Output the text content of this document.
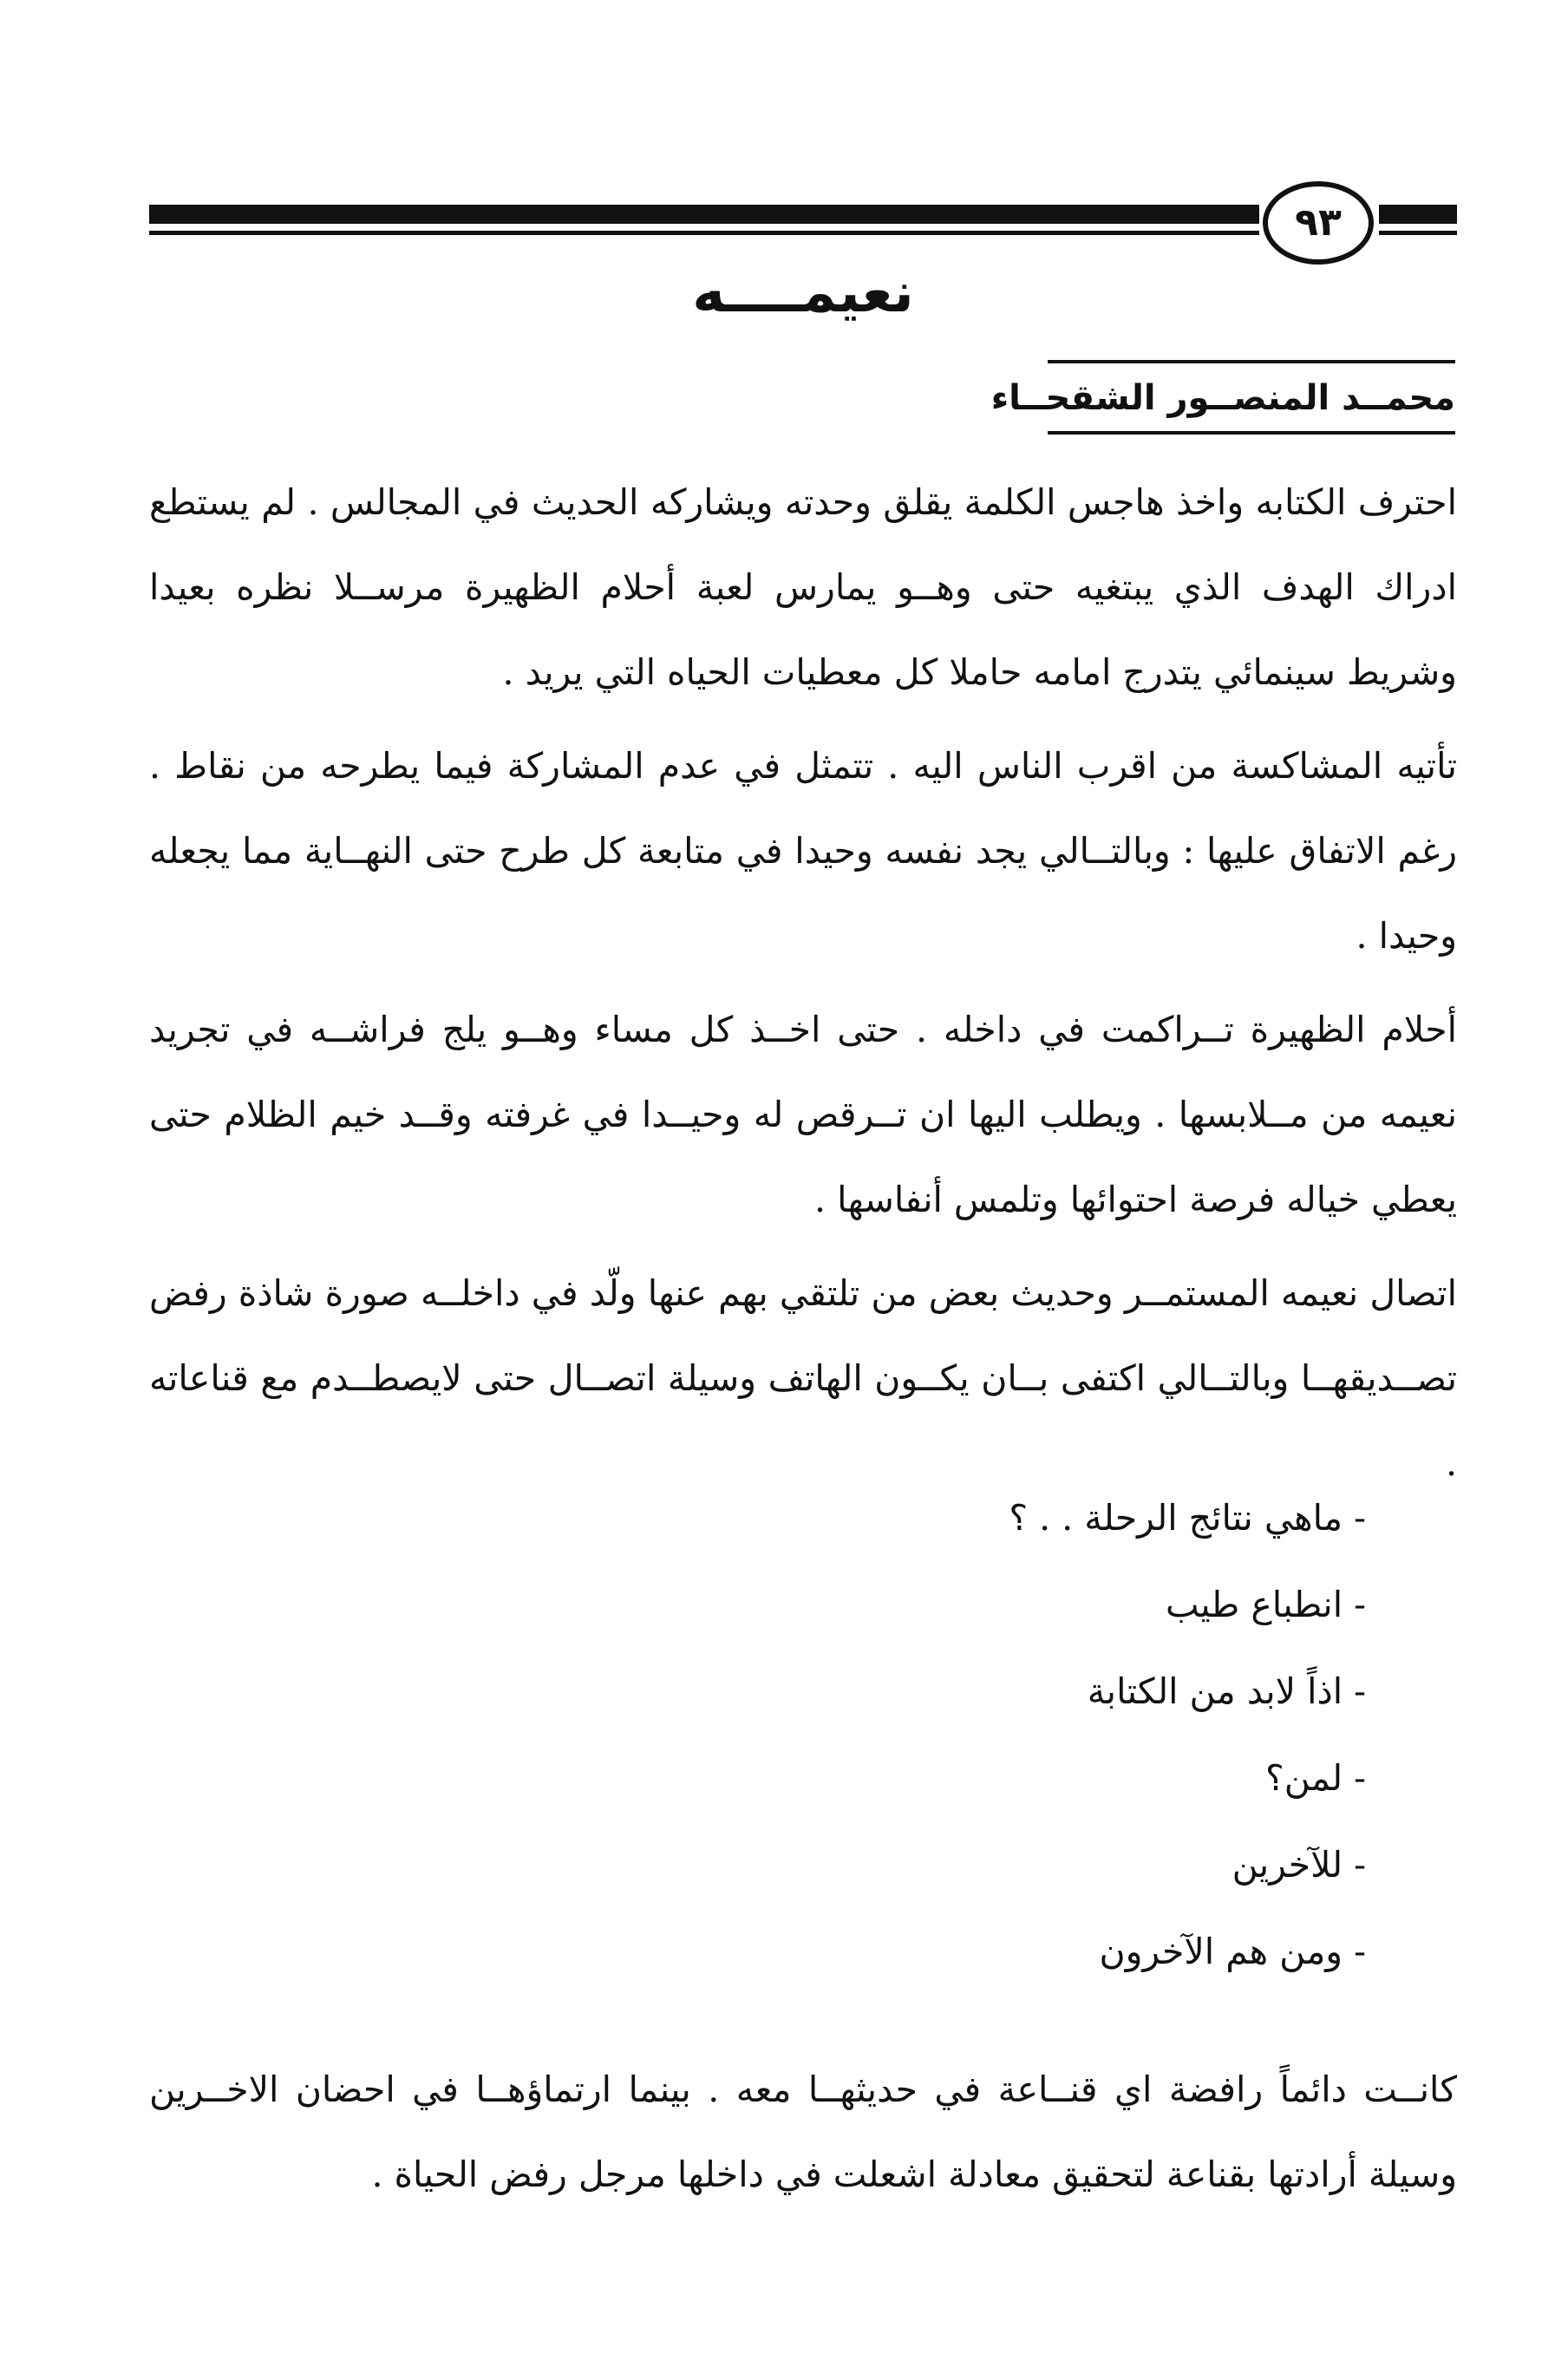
٩٣
نعيمــــه
محمــد المنصــور الشقحــاء

احترف الكتابه واخذ هاجس الكلمة يقلق وحدته ويشاركه الحديث في المجالس . لم يستطع ادراك الهدف الذي يبتغيه حتى وهــو يمارس لعبة أحلام الظهيرة مرســلا نظره بعيدا وشريط سينمائي يتدرج امامه حاملا كل معطيات الحياه التي يريد .

تأتيه المشاكسة من اقرب الناس اليه . تتمثل في عدم المشاركة فيما يطرحه من نقاط . رغم الاتفاق عليها : وبالتــالي يجد نفسه وحيدا في متابعة كل طرح حتى النهــاية مما يجعله وحيدا .

أحلام الظهيرة تــراكمت في داخله . حتى اخــذ كل مساء وهــو يلج فراشــه في تجريد نعيمه من مــلابسها . ويطلب اليها ان تــرقص له وحيــدا في غرفته وقــد خيم الظلام حتى يعطي خياله فرصة احتوائها وتلمس أنفاسها .

اتصال نعيمه المستمــر وحديث بعض من تلتقي بهم عنها ولّد في داخلــه صورة شاذة رفض تصــديقهــا وبالتــالي اكتفى بــان يكــون الهاتف وسيلة اتصــال حتى لايصطــدم مع قناعاته .

- ماهي نتائج الرحلة . . ؟
- انطباع طيب
- اذاً لابد من الكتابة
- لمن؟
- للآخرين
- ومن هم الآخرون
كانــت دائماً رافضة اي قنــاعة في حديثهــا معه . بينما ارتماؤهــا في احضان الاخــرين وسيلة أرادتها بقناعة لتحقيق معادلة اشعلت في داخلها مرجل رفض الحياة .
